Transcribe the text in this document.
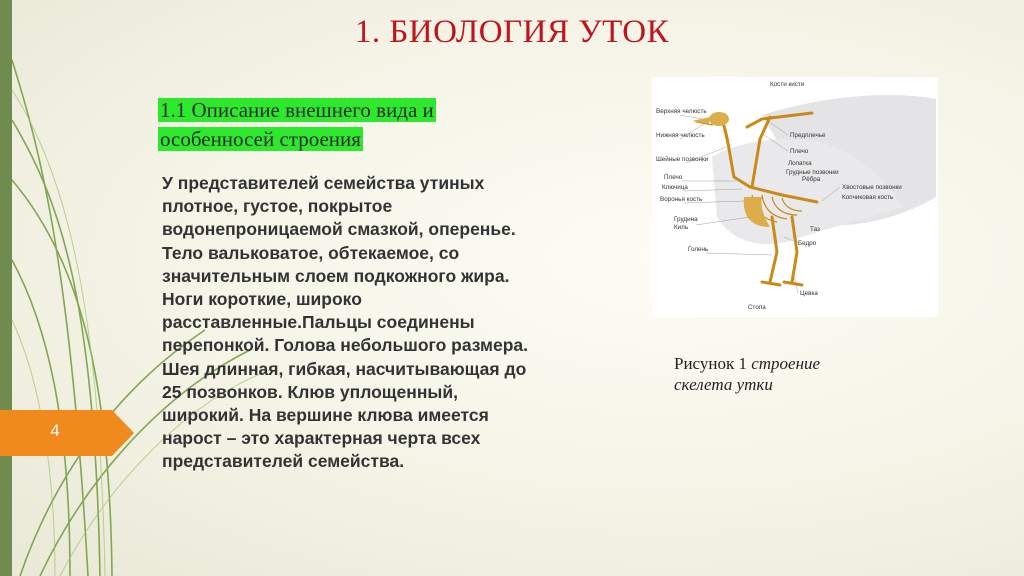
1. БИОЛОГИЯ УТОК
1.1 Описание внешнего вида и
особенносей строения
У представителей семейства утиных плотное, густое, покрытое водонепроницаемой смазкой, оперенье. Тело вальковатое, обтекаемое, со значительным слоем подкожного жира. Ноги короткие, широко расставленные.Пальцы соединены перепонкой. Голова небольшого размера. Шея длинная, гибкая, насчитывающая до 25 позвонков. Клюв уплощенный, широкий. На вершине клюва имеется нарост – это характерная черта всех представителей семейства.
4
Кости кисти
Верхняя челюсть
Нижняя челюсть
Шейные позвонки
Плечо
Ключица
Воронья кость
Грудина
Киль
Голень
Стопа
Предплечье
Плечо
Лопатка
Грудные позвонки
Рёбра
Хвостовые позвонки
Копчиковая кость
Таз
Бедро
Цевка
Рисунок 1 строение скелета утки
